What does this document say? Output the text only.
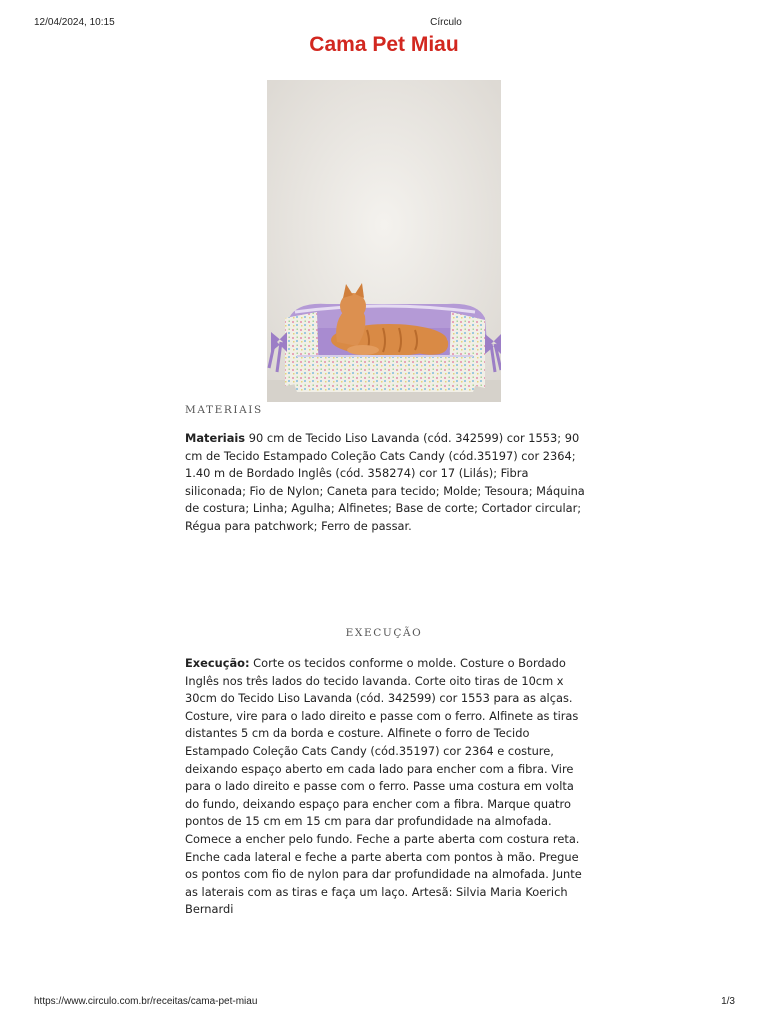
12/04/2024, 10:15	Círculo
Cama Pet Miau
MATERIAIS

Materiais 90 cm de Tecido Liso Lavanda (cód. 342599) cor 1553; 90 cm de Tecido Estampado Coleção Cats Candy (cód.35197) cor 2364; 1.40 m de Bordado Inglês (cód. 358274) cor 17 (Lilás); Fibra siliconada; Fio de Nylon; Caneta para tecido; Molde; Tesoura; Máquina de costura; Linha; Agulha; Alfinetes; Base de corte; Cortador circular; Régua para patchwork; Ferro de passar.

EXECUÇÃO

Execução: Corte os tecidos conforme o molde. Costure o Bordado Inglês nos três lados do tecido lavanda. Corte oito tiras de 10cm x 30cm do Tecido Liso Lavanda (cód. 342599) cor 1553 para as alças. Costure, vire para o lado direito e passe com o ferro. Alfinete as tiras distantes 5 cm da borda e costure. Alfinete o forro de Tecido Estampado Coleção Cats Candy (cód.35197) cor 2364 e costure, deixando espaço aberto em cada lado para encher com a fibra. Vire para o lado direito e passe com o ferro. Passe uma costura em volta do fundo, deixando espaço para encher com a fibra. Marque quatro pontos de 15 cm em 15 cm para dar profundidade na almofada. Comece a encher pelo fundo. Feche a parte aberta com costura reta. Enche cada lateral e feche a parte aberta com pontos à mão. Pregue os pontos com fio de nylon para dar profundidade na almofada. Junte as laterais com as tiras e faça um laço. Artesã: Silvia Maria Koerich Bernardi

https://www.circulo.com.br/receitas/cama-pet-miau	1/3
